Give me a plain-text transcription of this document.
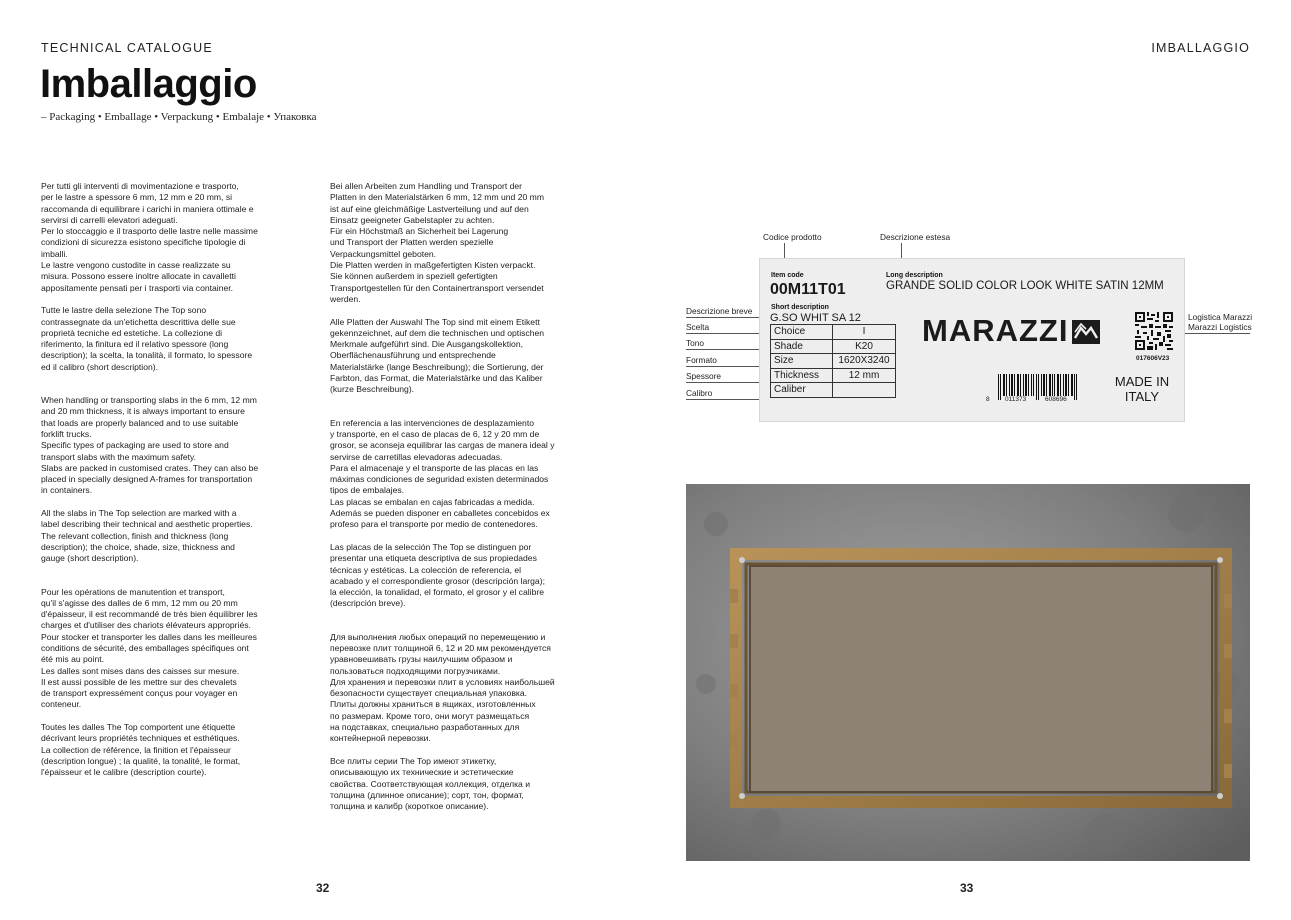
TECHNICAL CATALOGUE	IMBALLAGGIO
Imballaggio
– Packaging • Emballage • Verpackung • Embalaje • Упаковка

Per tutti gli interventi di movimentazione e trasporto,
per le lastre a spessore 6 mm, 12 mm e 20 mm, si
raccomanda di equilibrare i carichi in maniera ottimale e
servirsi di carrelli elevatori adeguati.
Per lo stoccaggio e il trasporto delle lastre nelle massime
condizioni di sicurezza esistono specifiche tipologie di
imballi.
Le lastre vengono custodite in casse realizzate su
misura. Possono essere inoltre allocate in cavalletti
appositamente pensati per i trasporti via container.

Tutte le lastre della selezione The Top sono
contrassegnate da un'etichetta descrittiva delle sue
proprietà tecniche ed estetiche. La collezione di
riferimento, la finitura ed il relativo spessore (long
description); la scelta, la tonalità, il formato, lo spessore
ed il calibro (short description).

When handling or transporting slabs in the 6 mm, 12 mm
and 20 mm thickness, it is always important to ensure
that loads are properly balanced and to use suitable
forklift trucks.
Specific types of packaging are used to store and
transport slabs with the maximum safety.
Slabs are packed in customised crates. They can also be
placed in specially designed A-frames for transportation
in containers.

All the slabs in The Top selection are marked with a
label describing their technical and aesthetic properties.
The relevant collection, finish and thickness (long
description); the choice, shade, size, thickness and
gauge (short description).

Pour les opérations de manutention et transport,
qu'il s'agisse des dalles de 6 mm, 12 mm ou 20 mm
d'épaisseur, il est recommandé de très bien équilibrer les
charges et d'utiliser des chariots élévateurs appropriés.
Pour stocker et transporter les dalles dans les meilleures
conditions de sécurité, des emballages spécifiques ont
été mis au point.
Les dalles sont mises dans des caisses sur mesure.
Il est aussi possible de les mettre sur des chevalets
de transport expressément conçus pour voyager en
conteneur.

Toutes les dalles The Top comportent une étiquette
décrivant leurs propriétés techniques et esthétiques.
La collection de référence, la finition et l'épaisseur
(description longue) ; la qualité, la tonalité, le format,
l'épaisseur et le calibre (description courte).

Bei allen Arbeiten zum Handling und Transport der
Platten in den Materialstärken 6 mm, 12 mm und 20 mm
ist auf eine gleichmäßige Lastverteilung und auf den
Einsatz geeigneter Gabelstapler zu achten.
Für ein Höchstmaß an Sicherheit bei Lagerung
und Transport der Platten werden spezielle
Verpackungsmittel geboten.
Die Platten werden in maßgefertigten Kisten verpackt.
Sie können außerdem in speziell gefertigten
Transportgestellen für den Containertransport versendet
werden.

Alle Platten der Auswahl The Top sind mit einem Etikett
gekennzeichnet, auf dem die technischen und optischen
Merkmale aufgeführt sind. Die Ausgangskollektion,
Oberflächenausführung und entsprechende
Materialstärke (lange Beschreibung); die Sortierung, der
Farbton, das Format, die Materialstärke und das Kaliber
(kurze Beschreibung).

En referencia a las intervenciones de desplazamiento
y transporte, en el caso de placas de 6, 12 y 20 mm de
grosor, se aconseja equilibrar las cargas de manera ideal y
servirse de carretillas elevadoras adecuadas.
Para el almacenaje y el transporte de las placas en las
máximas condiciones de seguridad existen determinados
tipos de embalajes.
Las placas se embalan en cajas fabricadas a medida.
Además se pueden disponer en caballetes concebidos ex
profeso para el transporte por medio de contenedores.

Las placas de la selección The Top se distinguen por
presentar una etiqueta descriptiva de sus propiedades
técnicas y estéticas. La colección de referencia, el
acabado y el correspondiente grosor (descripción larga);
la elección, la tonalidad, el formato, el grosor y el calibre
(descripción breve).

Для выполнения любых операций по перемещению и
перевозке плит толщиной 6, 12 и 20 мм рекомендуется
уравновешивать грузы наилучшим образом и
пользоваться подходящими погрузчиками.
Для хранения и перевозки плит в условиях наибольшей
безопасности существует специальная упаковка.
Плиты должны храниться в ящиках, изготовленных
по размерам. Кроме того, они могут размещаться
на подставках, специально разработанных для
контейнерной перевозки.

Все плиты серии The Top имеют этикетку,
описывающую их технические и эстетические
свойства. Соответствующая коллекция, отделка и
толщина (длинное описание); сорт, тон, формат,
толщина и калибр (короткое описание).

Codice prodotto	Descrizione estesa
Descrizione breve
Scelta
Tono
Formato
Spessore
Calibro
Logistica Marazzi
Marazzi Logistics
Item code
00M11T01
Long description
GRANDE SOLID COLOR LOOK WHITE SATIN 12MM
Short description
G.SO WHIT SA 12
Choice	I
Shade	K20
Size	1620X3240
Thickness	12 mm
Caliber	
MARAZZI
017606V23
8 011373	608696
MADE IN
ITALY
32	33
